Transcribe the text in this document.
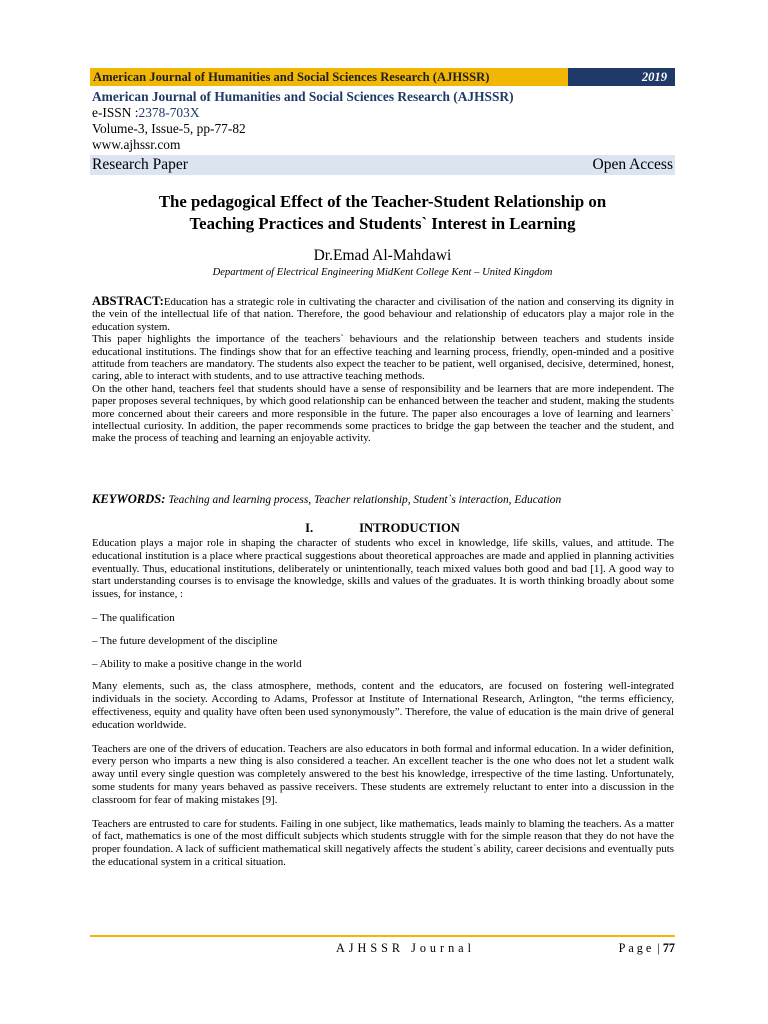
American Journal of Humanities and Social Sciences Research (AJHSSR)	2019
American Journal of Humanities and Social Sciences Research (AJHSSR)
e-ISSN :2378-703X
Volume-3, Issue-5, pp-77-82
www.ajhssr.com
Research Paper	Open Access
The pedagogical Effect of the Teacher-Student Relationship on
Teaching Practices and Students` Interest in Learning
Dr.Emad Al-Mahdawi
Department of Electrical Engineering MidKent College Kent – United Kingdom

ABSTRACT:Education has a strategic role in cultivating the character and civilisation of the nation and conserving its dignity in the vein of the intellectual life of that nation. Therefore, the good behaviour and relationship of educators play a major role in the education system.

This paper highlights the importance of the teachers` behaviours and the relationship between teachers and students inside educational institutions. The findings show that for an effective teaching and learning process, friendly, open-minded and a positive attitude from teachers are mandatory. The students also expect the teacher to be patient, well organised, decisive, determined, honest, caring, able to interact with students, and to use attractive teaching methods.

On the other hand, teachers feel that students should have a sense of responsibility and be learners that are more independent. The paper proposes several techniques, by which good relationship can be enhanced between the teacher and student, making the students more concerned about their careers and more responsible in the future. The paper also encourages a love of learning and learners` intellectual curiosity. In addition, the paper recommends some practices to bridge the gap between the teacher and the student, and make the process of teaching and learning an enjoyable activity.

KEYWORDS: Teaching and learning process, Teacher relationship, Student`s interaction, Education
I.	INTRODUCTION

Education plays a major role in shaping the character of students who excel in knowledge, life skills, values, and attitude. The educational institution is a place where practical suggestions about theoretical approaches are made and applied in planning activities eventually. Thus, educational institutions, deliberately or unintentionally, teach mixed values both good and bad [1]. A good way to start understanding courses is to envisage the knowledge, skills and values of the graduates. It is worth thinking broadly about some issues, for instance, :

– The qualification

– The future development of the discipline

– Ability to make a positive change in the world

Many elements, such as, the class atmosphere, methods, content and the educators, are focused on fostering well-integrated individuals in the society. According to Adams, Professor at Institute of International Research, Arlington, “the terms efficiency, effectiveness, equity and quality have often been used synonymously”. Therefore, the value of education is the main drive of general education worldwide.

Teachers are one of the drivers of education. Teachers are also educators in both formal and informal education. In a wider definition, every person who imparts a new thing is also considered a teacher. An excellent teacher is the one who does not let a student walk away until every single question was completely answered to the best his knowledge, irrespective of the time lasting. Unfortunately, some students for many years behaved as passive receivers. These students are extremely reluctant to enter into a discussion in the classroom for fear of making mistakes [9].

Teachers are entrusted to care for students. Failing in one subject, like mathematics, leads mainly to blaming the teachers. As a matter of fact, mathematics is one of the most difficult subjects which students struggle with for the simple reason that they do not have the proper foundation. A lack of sufficient mathematical skill negatively affects the student`s ability, career decisions and eventually puts the educational system in a critical situation.

AJHSSR Journal	Page | 77
